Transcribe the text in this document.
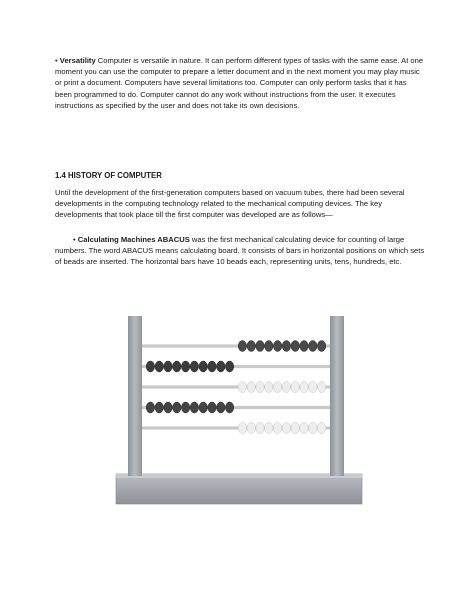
• Versatility Computer is versatile in nature. It can perform different types of tasks with the same ease. At one moment you can use the computer to prepare a letter document and in the next moment you may play music or print a document. Computers have several limitations too. Computer can only perform tasks that it has been programmed to do. Computer cannot do any work without instructions from the user. It executes instructions as specified by the user and does not take its own decisions.

1.4 HISTORY OF COMPUTER

Until the development of the first-generation computers based on vacuum tubes, there had been several developments in the computing technology related to the mechanical computing devices. The key developments that took place till the first computer was developed are as follows—

• Calculating Machines ABACUS was the first mechanical calculating device for counting of large numbers. The word ABACUS means calculating board. It consists of bars in horizontal positions on which sets of beads are inserted. The horizontal bars have 10 beads each, representing units, tens, hundreds, etc.
